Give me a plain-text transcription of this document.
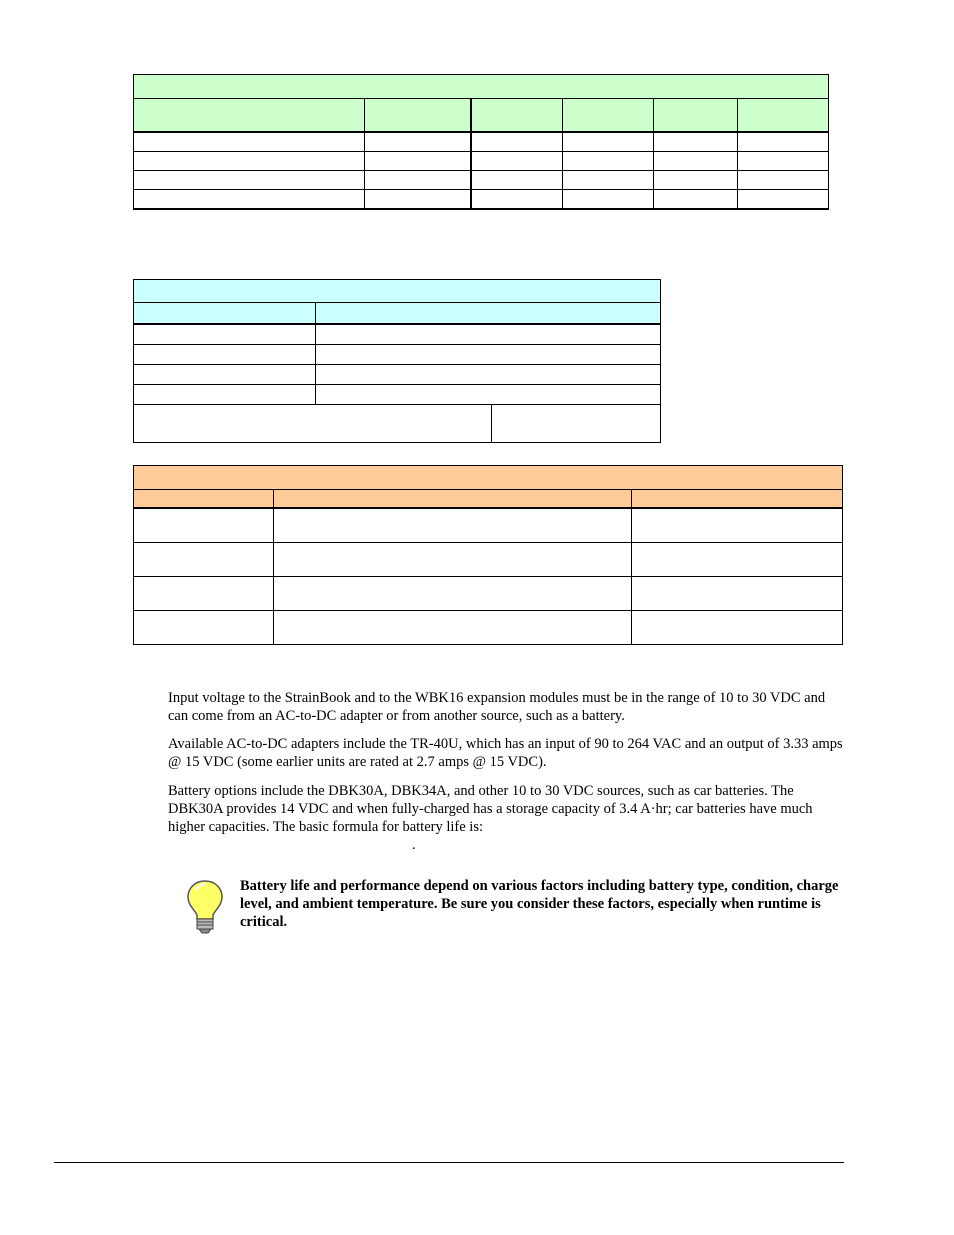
Input voltage to the StrainBook and to the WBK16 expansion modules must be in the range of 10 to 30 VDC and can come from an AC-to-DC adapter or from another source, such as a battery.

Available AC-to-DC adapters include the TR-40U, which has an input of 90 to 264 VAC and an output of 3.33 amps @ 15 VDC (some earlier units are rated at 2.7 amps @ 15 VDC).

Battery options include the DBK30A, DBK34A, and other 10 to 30 VDC sources, such as car batteries. The DBK30A provides 14 VDC and when fully-charged has a storage capacity of 3.4 A·hr; car batteries have much higher capacities. The basic formula for battery life is:

.

Battery life and performance depend on various factors including battery type, condition, charge level, and ambient temperature. Be sure you consider these factors, especially when runtime is critical.
